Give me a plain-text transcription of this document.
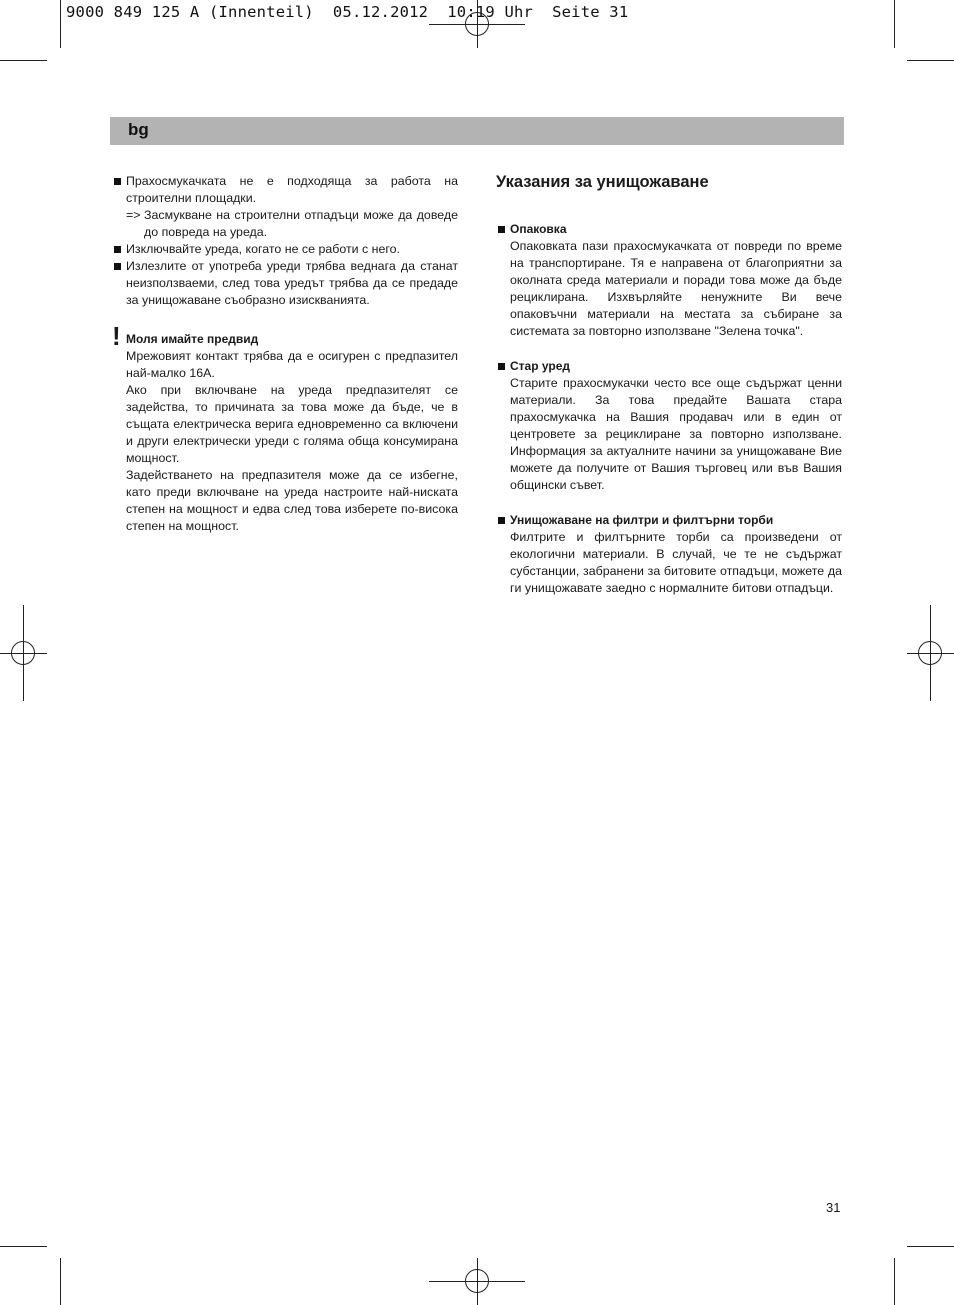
9000 849 125 A (Innenteil)  05.12.2012  10:19 Uhr  Seite 31
bg
Прахосмукачката не е подходяща за работа на строителни площадки.
=> Засмукване на строителни отпадъци може да доведе до повреда на уреда.
Изключвайте уреда, когато не се работи с него.
Излезлите от употреба уреди трябва веднага да станат неизползваеми, след това уредът трябва да се предаде за унищожаване съобразно изискванията.
! Моля имайте предвид
Мрежовият контакт трябва да е осигурен с предпазител най-малко 16A.
Ако при включване на уреда предпазителят се задейства, то причината за това може да бъде, че в същата електрическа верига едновременно са включени и други електрически уреди с голяма обща консумирана мощност.
Задействането на предпазителя може да се избегне, като преди включване на уреда настроите най-ниската степен на мощност и едва след това изберете по-висока степен на мощност.
Указания за унищожаване
Опаковка
Опаковката пази прахосмукачката от повреди по време на транспортиране. Тя е направена от благоприятни за околната среда материали и поради това може да бъде рециклирана. Изхвърляйте ненужните Ви вече опаковъчни материали на местата за събиране за системата за повторно използване "Зелена точка".
Стар уред
Старите прахосмукачки често все още съдържат ценни материали. За това предайте Вашата стара прахосмукачка на Вашия продавач или в един от центровете за рециклиране за повторно използване. Информация за актуалните начини за унищожаване Вие можете да получите от Вашия търговец или във Вашия общински съвет.
Унищожаване на филтри и филтърни торби
Филтрите и филтърните торби са произведени от екологични материали. В случай, че те не съдържат субстанции, забранени за битовите отпадъци, можете да ги унищожавате заедно с нормалните битови отпадъци.
31
